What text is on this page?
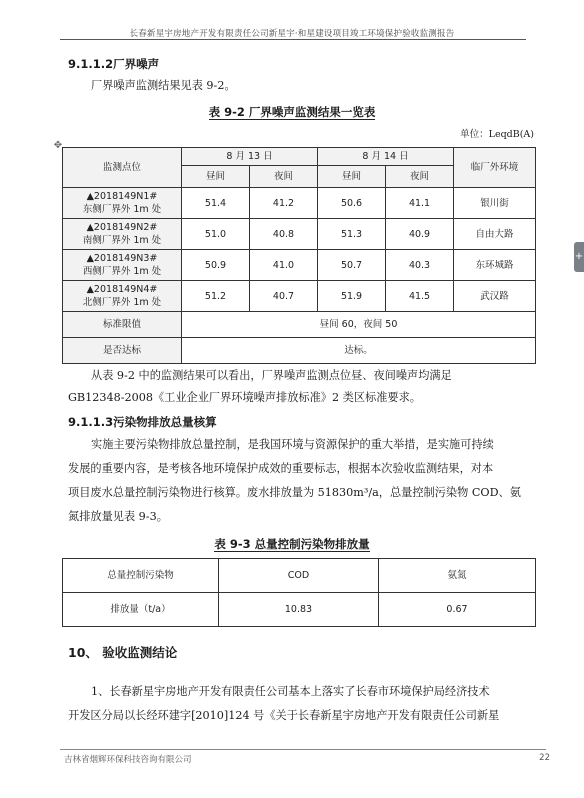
长春新星宇房地产开发有限责任公司新星宇·和星建设项目竣工环境保护验收监测报告
9.1.1.2厂界噪声
厂界噪声监测结果见表 9-2。
表 9-2 厂界噪声监测结果一览表
单位：LeqdB(A)
✥
监测点位	8 月 13 日		8 月 14 日		临厂外环境
	昼间	夜间	昼间	夜间	

▲2018149N1#
东侧厂界外 1m 处	51.4	41.2	50.6	41.1	银川街

▲2018149N2#
南侧厂界外 1m 处	51.0	40.8	51.3	40.9	自由大路

▲2018149N3#
西侧厂界外 1m 处	50.9	41.0	50.7	40.3	东环城路

▲2018149N4#
北侧厂界外 1m 处	51.2	40.7	51.9	41.5	武汉路
标准限值	昼间 60，夜间 50				
是否达标	达标。				
+
从表 9-2 中的监测结果可以看出，厂界噪声监测点位昼、夜间噪声均满足
GB12348-2008《工业企业厂界环境噪声排放标准》2 类区标准要求。
9.1.1.3污染物排放总量核算
实施主要污染物排放总量控制，是我国环境与资源保护的重大举措，是实施可持续
发展的重要内容，是考核各地环境保护成效的重要标志，根据本次验收监测结果，对本
项目废水总量控制污染物进行核算。废水排放量为 51830m³/a，总量控制污染物 COD、氨
氮排放量见表 9-3。
表 9-3 总量控制污染物排放量
总量控制污染物	COD	氨氮
排放量（t/a）	10.83	0.67
10、 验收监测结论
1、长春新星宇房地产开发有限责任公司基本上落实了长春市环境保护局经济技术
开发区分局以长经环建字[2010]124 号《关于长春新星宇房地产开发有限责任公司新星
吉林省烟辉环保科技咨询有限公司	22
